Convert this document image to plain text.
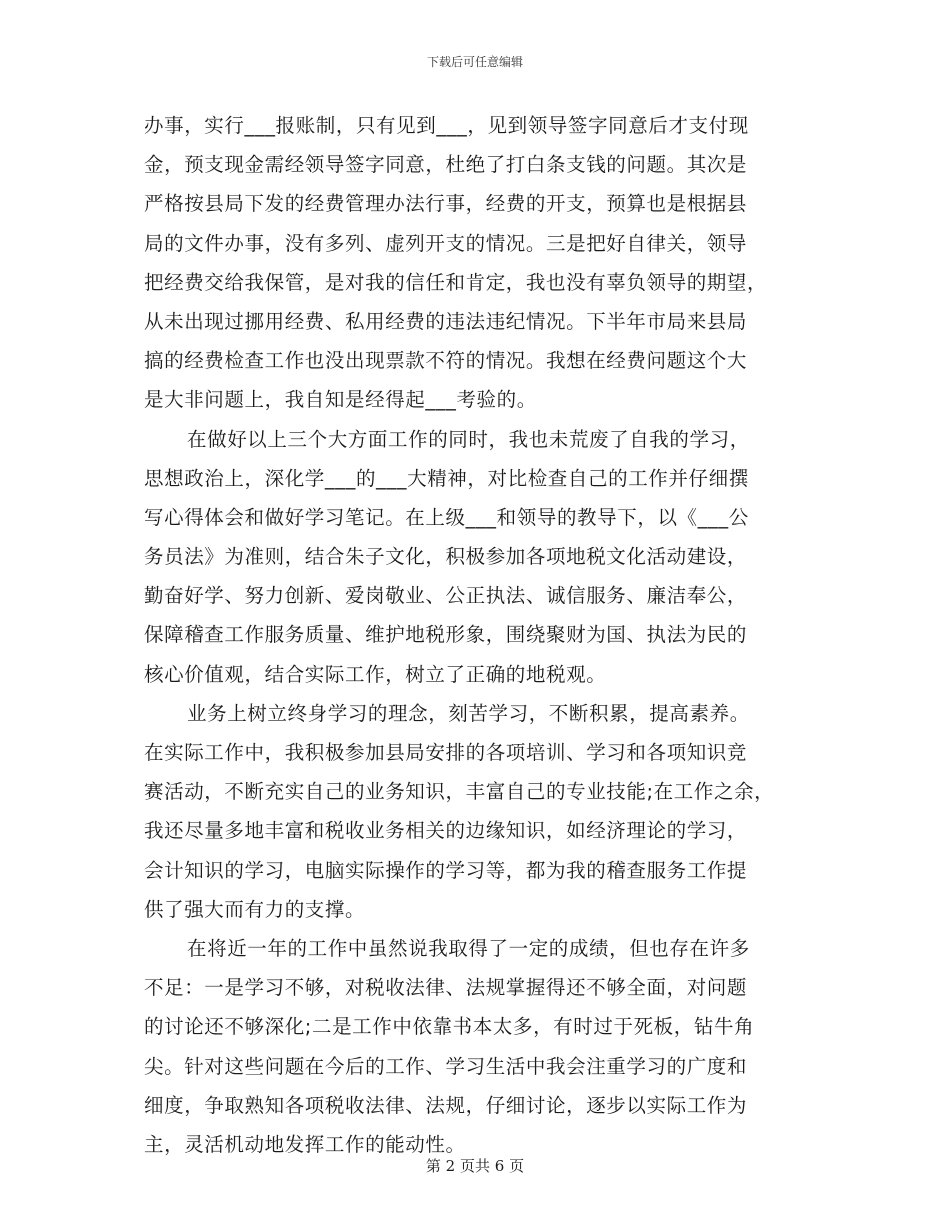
下载后可任意编辑
办事，实行___报账制，只有见到___，见到领导签字同意后才支付现
金，预支现金需经领导签字同意，杜绝了打白条支钱的问题。其次是
严格按县局下发的经费管理办法行事，经费的开支，预算也是根据县
局的文件办事，没有多列、虚列开支的情况。三是把好自律关，领导
把经费交给我保管，是对我的信任和肯定，我也没有辜负领导的期望，
从未出现过挪用经费、私用经费的违法违纪情况。下半年市局来县局
搞的经费检查工作也没出现票款不符的情况。我想在经费问题这个大
是大非问题上，我自知是经得起___考验的。
在做好以上三个大方面工作的同时，我也未荒废了自我的学习，
思想政治上，深化学___的___大精神，对比检查自己的工作并仔细撰
写心得体会和做好学习笔记。在上级___和领导的教导下，以《___公
务员法》为准则，结合朱子文化，积极参加各项地税文化活动建设，
勤奋好学、努力创新、爱岗敬业、公正执法、诚信服务、廉洁奉公，
保障稽查工作服务质量、维护地税形象，围绕聚财为国、执法为民的
核心价值观，结合实际工作，树立了正确的地税观。
业务上树立终身学习的理念，刻苦学习，不断积累，提高素养。
在实际工作中，我积极参加县局安排的各项培训、学习和各项知识竞
赛活动，不断充实自己的业务知识，丰富自己的专业技能;在工作之余，
我还尽量多地丰富和税收业务相关的边缘知识，如经济理论的学习，
会计知识的学习，电脑实际操作的学习等，都为我的稽查服务工作提
供了强大而有力的支撑。
在将近一年的工作中虽然说我取得了一定的成绩，但也存在许多
不足：一是学习不够，对税收法律、法规掌握得还不够全面，对问题
的讨论还不够深化;二是工作中依靠书本太多，有时过于死板，钻牛角
尖。针对这些问题在今后的工作、学习生活中我会注重学习的广度和
细度，争取熟知各项税收法律、法规，仔细讨论，逐步以实际工作为
主，灵活机动地发挥工作的能动性。
第 2 页共 6 页
